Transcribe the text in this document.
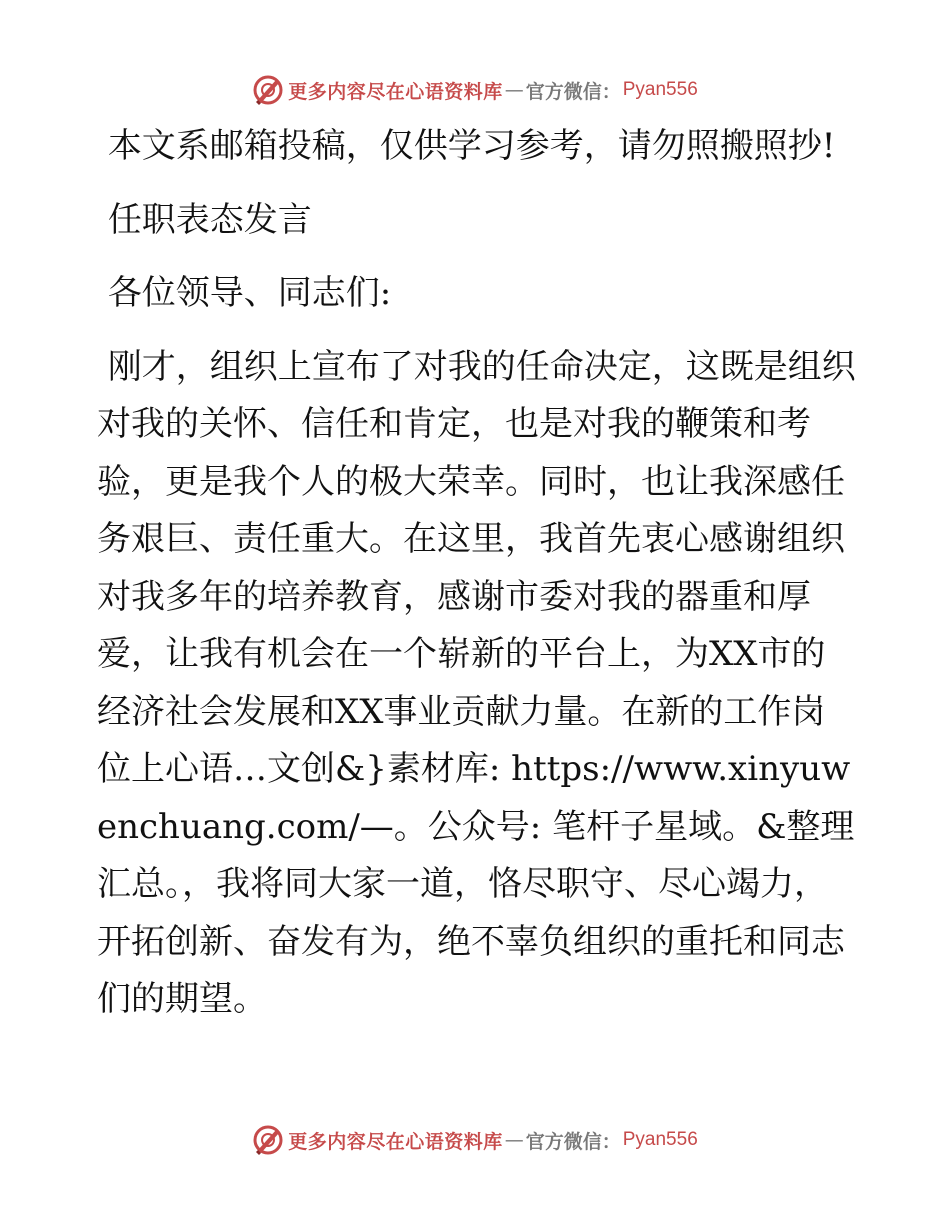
更多内容尽在心语资料库 — 官方微信： Pyan556

本文系邮箱投稿，仅供学习参考，请勿照搬照抄!

任职表态发言

各位领导、同志们:

刚才，组织上宣布了对我的任命决定，这既是组织对我的关怀、信任和肯定，也是对我的鞭策和考验，更是我个人的极大荣幸。同时，也让我深感任务艰巨、责任重大。在这里，我首先衷心感谢组织对我多年的培养教育，感谢市委对我的器重和厚爱，让我有机会在一个崭新的平台上，为XX市的经济社会发展和XX事业贡献力量。在新的工作岗位上心语…文创&}素材库: https://www.xinyuwenchuang.com/—。公众号: 笔杆子星域。&整理汇总。，我将同大家一道，恪尽职守、尽心竭力，开拓创新、奋发有为，绝不辜负组织的重托和同志们的期望。

更多内容尽在心语资料库 — 官方微信： Pyan556
